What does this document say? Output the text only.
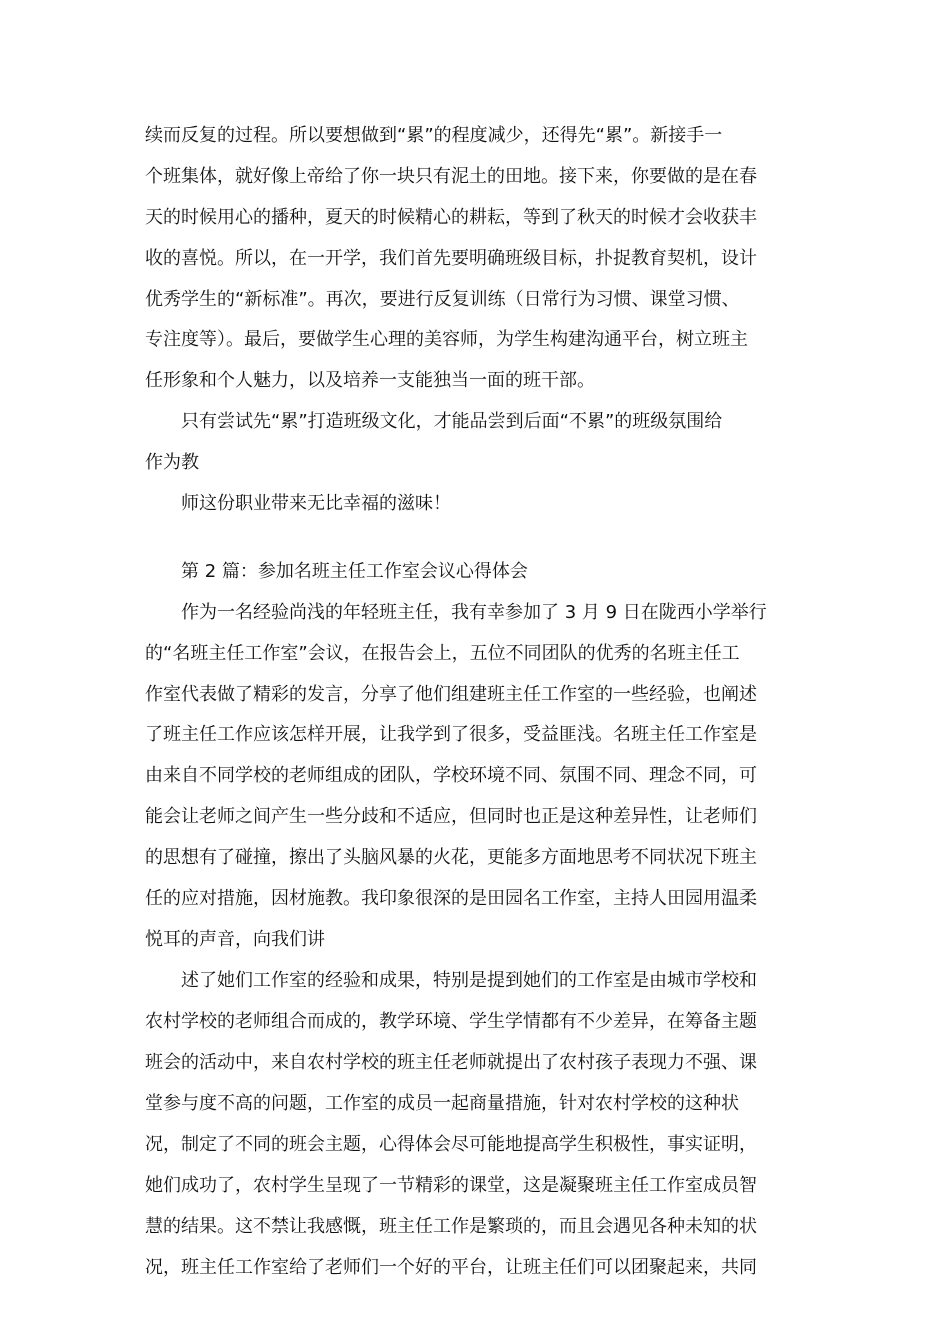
续而反复的过程。所以要想做到“累”的程度减少，还得先“累”。新接手一
个班集体，就好像上帝给了你一块只有泥土的田地。接下来，你要做的是在春
天的时候用心的播种，夏天的时候精心的耕耘，等到了秋天的时候才会收获丰
收的喜悦。所以，在一开学，我们首先要明确班级目标，扑捉教育契机，设计
优秀学生的“新标准”。再次，要进行反复训练（日常行为习惯、课堂习惯、
专注度等）。最后，要做学生心理的美容师，为学生构建沟通平台，树立班主
任形象和个人魅力，以及培养一支能独当一面的班干部。
只有尝试先“累”打造班级文化，才能品尝到后面“不累”的班级氛围给
作为教
师这份职业带来无比幸福的滋味！
第 2 篇：参加名班主任工作室会议心得体会
作为一名经验尚浅的年轻班主任，我有幸参加了 3 月 9 日在陇西小学举行
的“名班主任工作室”会议，在报告会上，五位不同团队的优秀的名班主任工
作室代表做了精彩的发言，分享了他们组建班主任工作室的一些经验，也阐述
了班主任工作应该怎样开展，让我学到了很多，受益匪浅。名班主任工作室是
由来自不同学校的老师组成的团队，学校环境不同、氛围不同、理念不同，可
能会让老师之间产生一些分歧和不适应，但同时也正是这种差异性，让老师们
的思想有了碰撞，擦出了头脑风暴的火花，更能多方面地思考不同状况下班主
任的应对措施，因材施教。我印象很深的是田园名工作室，主持人田园用温柔
悦耳的声音，向我们讲
述了她们工作室的经验和成果，特别是提到她们的工作室是由城市学校和
农村学校的老师组合而成的，教学环境、学生学情都有不少差异，在筹备主题
班会的活动中，来自农村学校的班主任老师就提出了农村孩子表现力不强、课
堂参与度不高的问题，工作室的成员一起商量措施，针对农村学校的这种状
况，制定了不同的班会主题，心得体会尽可能地提高学生积极性，事实证明，
她们成功了，农村学生呈现了一节精彩的课堂，这是凝聚班主任工作室成员智
慧的结果。这不禁让我感慨，班主任工作是繁琐的，而且会遇见各种未知的状
况，班主任工作室给了老师们一个好的平台，让班主任们可以团聚起来，共同
